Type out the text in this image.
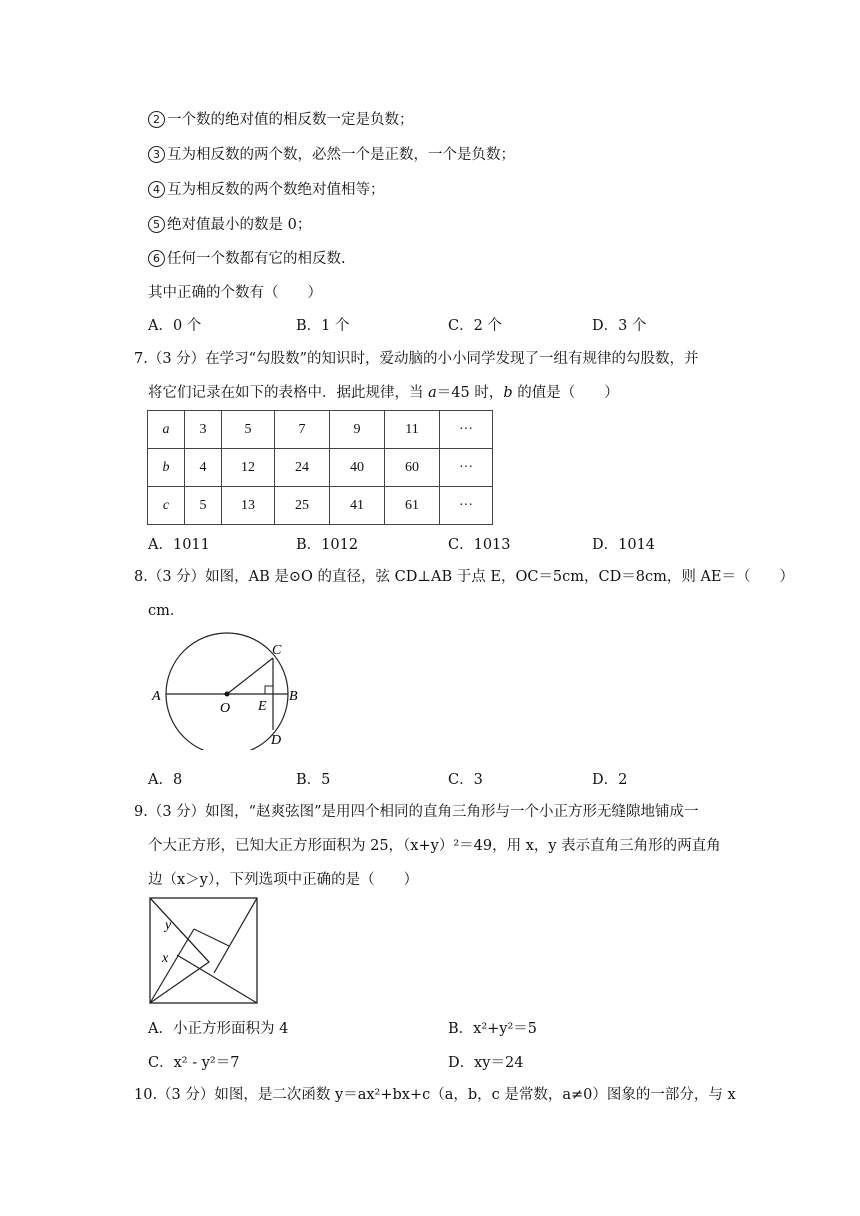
2 一个数的绝对值的相反数一定是负数；
3 互为相反数的两个数，必然一个是正数，一个是负数；
4 互为相反数的两个数绝对值相等；
5 绝对值最小的数是 0；
6 任何一个数都有它的相反数.
其中正确的个数有（　　）
A．0 个	B．1 个	C．2 个	D．3 个
7.（3 分）在学习“勾股数”的知识时，爱动脑的小小同学发现了一组有规律的勾股数，并
将它们记录在如下的表格中．据此规律，当 a＝45 时，b 的值是（　　）
a	3	5	7	9	11	···
b	4	12	24	40	60	···
c	5	13	25	41	61	···
A．1011	B．1012	C．1013	D．1014
8.（3 分）如图，AB 是⊙O 的直径，弦 CD⊥AB 于点 E，OC＝5cm，CD＝8cm，则 AE＝（　　）
cm．
A	B
C
D
O E
A．8	B．5	C．3	D．2
9.（3 分）如图，“赵爽弦图”是用四个相同的直角三角形与一个小正方形无缝隙地铺成一
个大正方形，已知大正方形面积为 25，（x+y）²＝49，用 x，y 表示直角三角形的两直角
边（x＞y），下列选项中正确的是（　　）
y
x
A．小正方形面积为 4	B．x²+y²＝5
C．x² - y²＝7	D．xy＝24
10.（3 分）如图，是二次函数 y＝ax²+bx+c（a，b，c 是常数，a≠0）图象的一部分，与 x
